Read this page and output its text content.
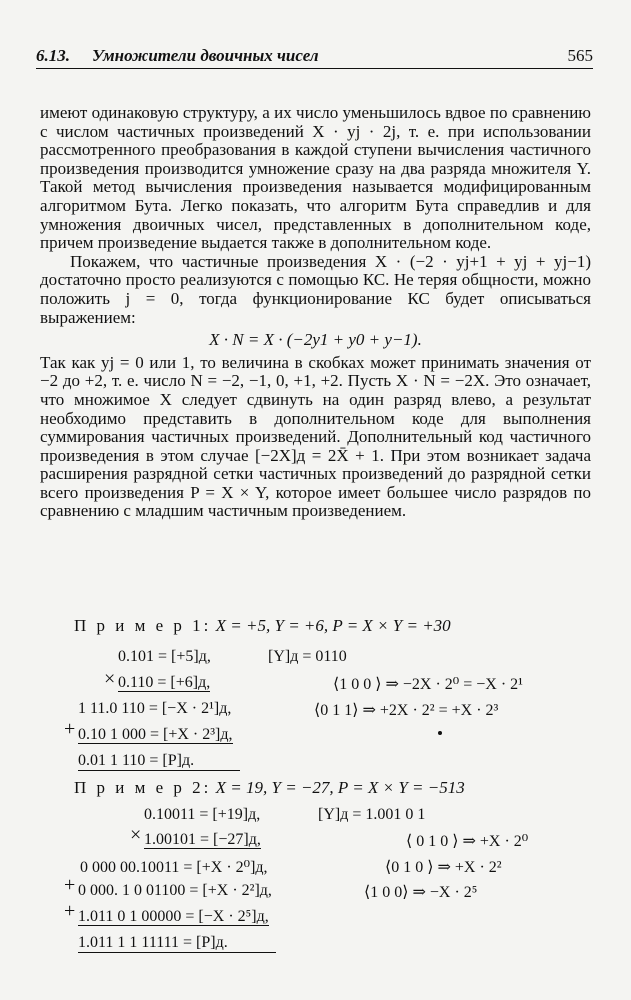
6.13. Умножители двоичных чисел	565

имеют одинаковую структуру, а их число уменьшилось вдвое по сравнению с числом частичных произведений X · yj · 2j, т. е. при использовании рассмотренного преобразования в каждой ступени вычисления частичного произведения производится умножение сразу на два разряда множителя Y. Такой метод вычисления произведения называется модифицированным алгоритмом Бута. Легко показать, что алгоритм Бута справедлив и для умножения двоичных чисел, представленных в дополнительном коде, причем произведение выдается также в дополнительном коде.

Покажем, что частичные произведения X · (−2 · yj+1 + yj + yj−1) достаточно просто реализуются с помощью КС. Не теряя общности, можно положить j = 0, тогда функционирование КС будет описываться выражением:

X · N = X · (−2y1 + y0 + y−1).

Так как yj = 0 или 1, то величина в скобках может принимать значения от −2 до +2, т. е. число N = −2, −1, 0, +1, +2. Пусть X · N = −2X. Это означает, что множимое X следует сдвинуть на один разряд влево, а результат необходимо представить в дополнительном коде для выполнения суммирования частичных произведений. Дополнительный код частичного произведения в этом случае [−2X]д = 2X̄ + 1. При этом возникает задача расширения разрядной сетки частичных произведений до разрядной сетки всего произведения P = X × Y, которое имеет большее число разрядов по сравнению с младшим частичным произведением.

П р и м е р 1: X = +5, Y = +6, P = X × Y = +30
0.101 = [+5]д,	[Y]д = 0110
× 0.110 = [+6]д,	⟨1 0 0 ⟩ ⇒ −2X · 2⁰ = −X · 2¹
1 11.0 110 = [−X · 2¹]д,	⟨0 1 1⟩ ⇒ +2X · 2² = +X · 2³
+ 0.10 1 000 = [+X · 2³]д,
0.01 1 110 = [P]д.
П р и м е р 2: X = 19, Y = −27, P = X × Y = −513
0.10011 = [+19]д,	[Y]д = 1.001 0 1
× 1.00101 = [−27]д,	⟨ 0 1 0 ⟩ ⇒ +X · 2⁰
0 000 00.10011 = [+X · 2⁰]д,	⟨0 1 0 ⟩ ⇒ +X · 2²
+ 0 000. 1 0 01100 = [+X · 2²]д,	⟨1 0 0⟩ ⇒ −X · 2⁵
+ 1.011 0 1 00000 = [−X · 2⁵]д,
1.011 1 1 11111 = [P]д.
